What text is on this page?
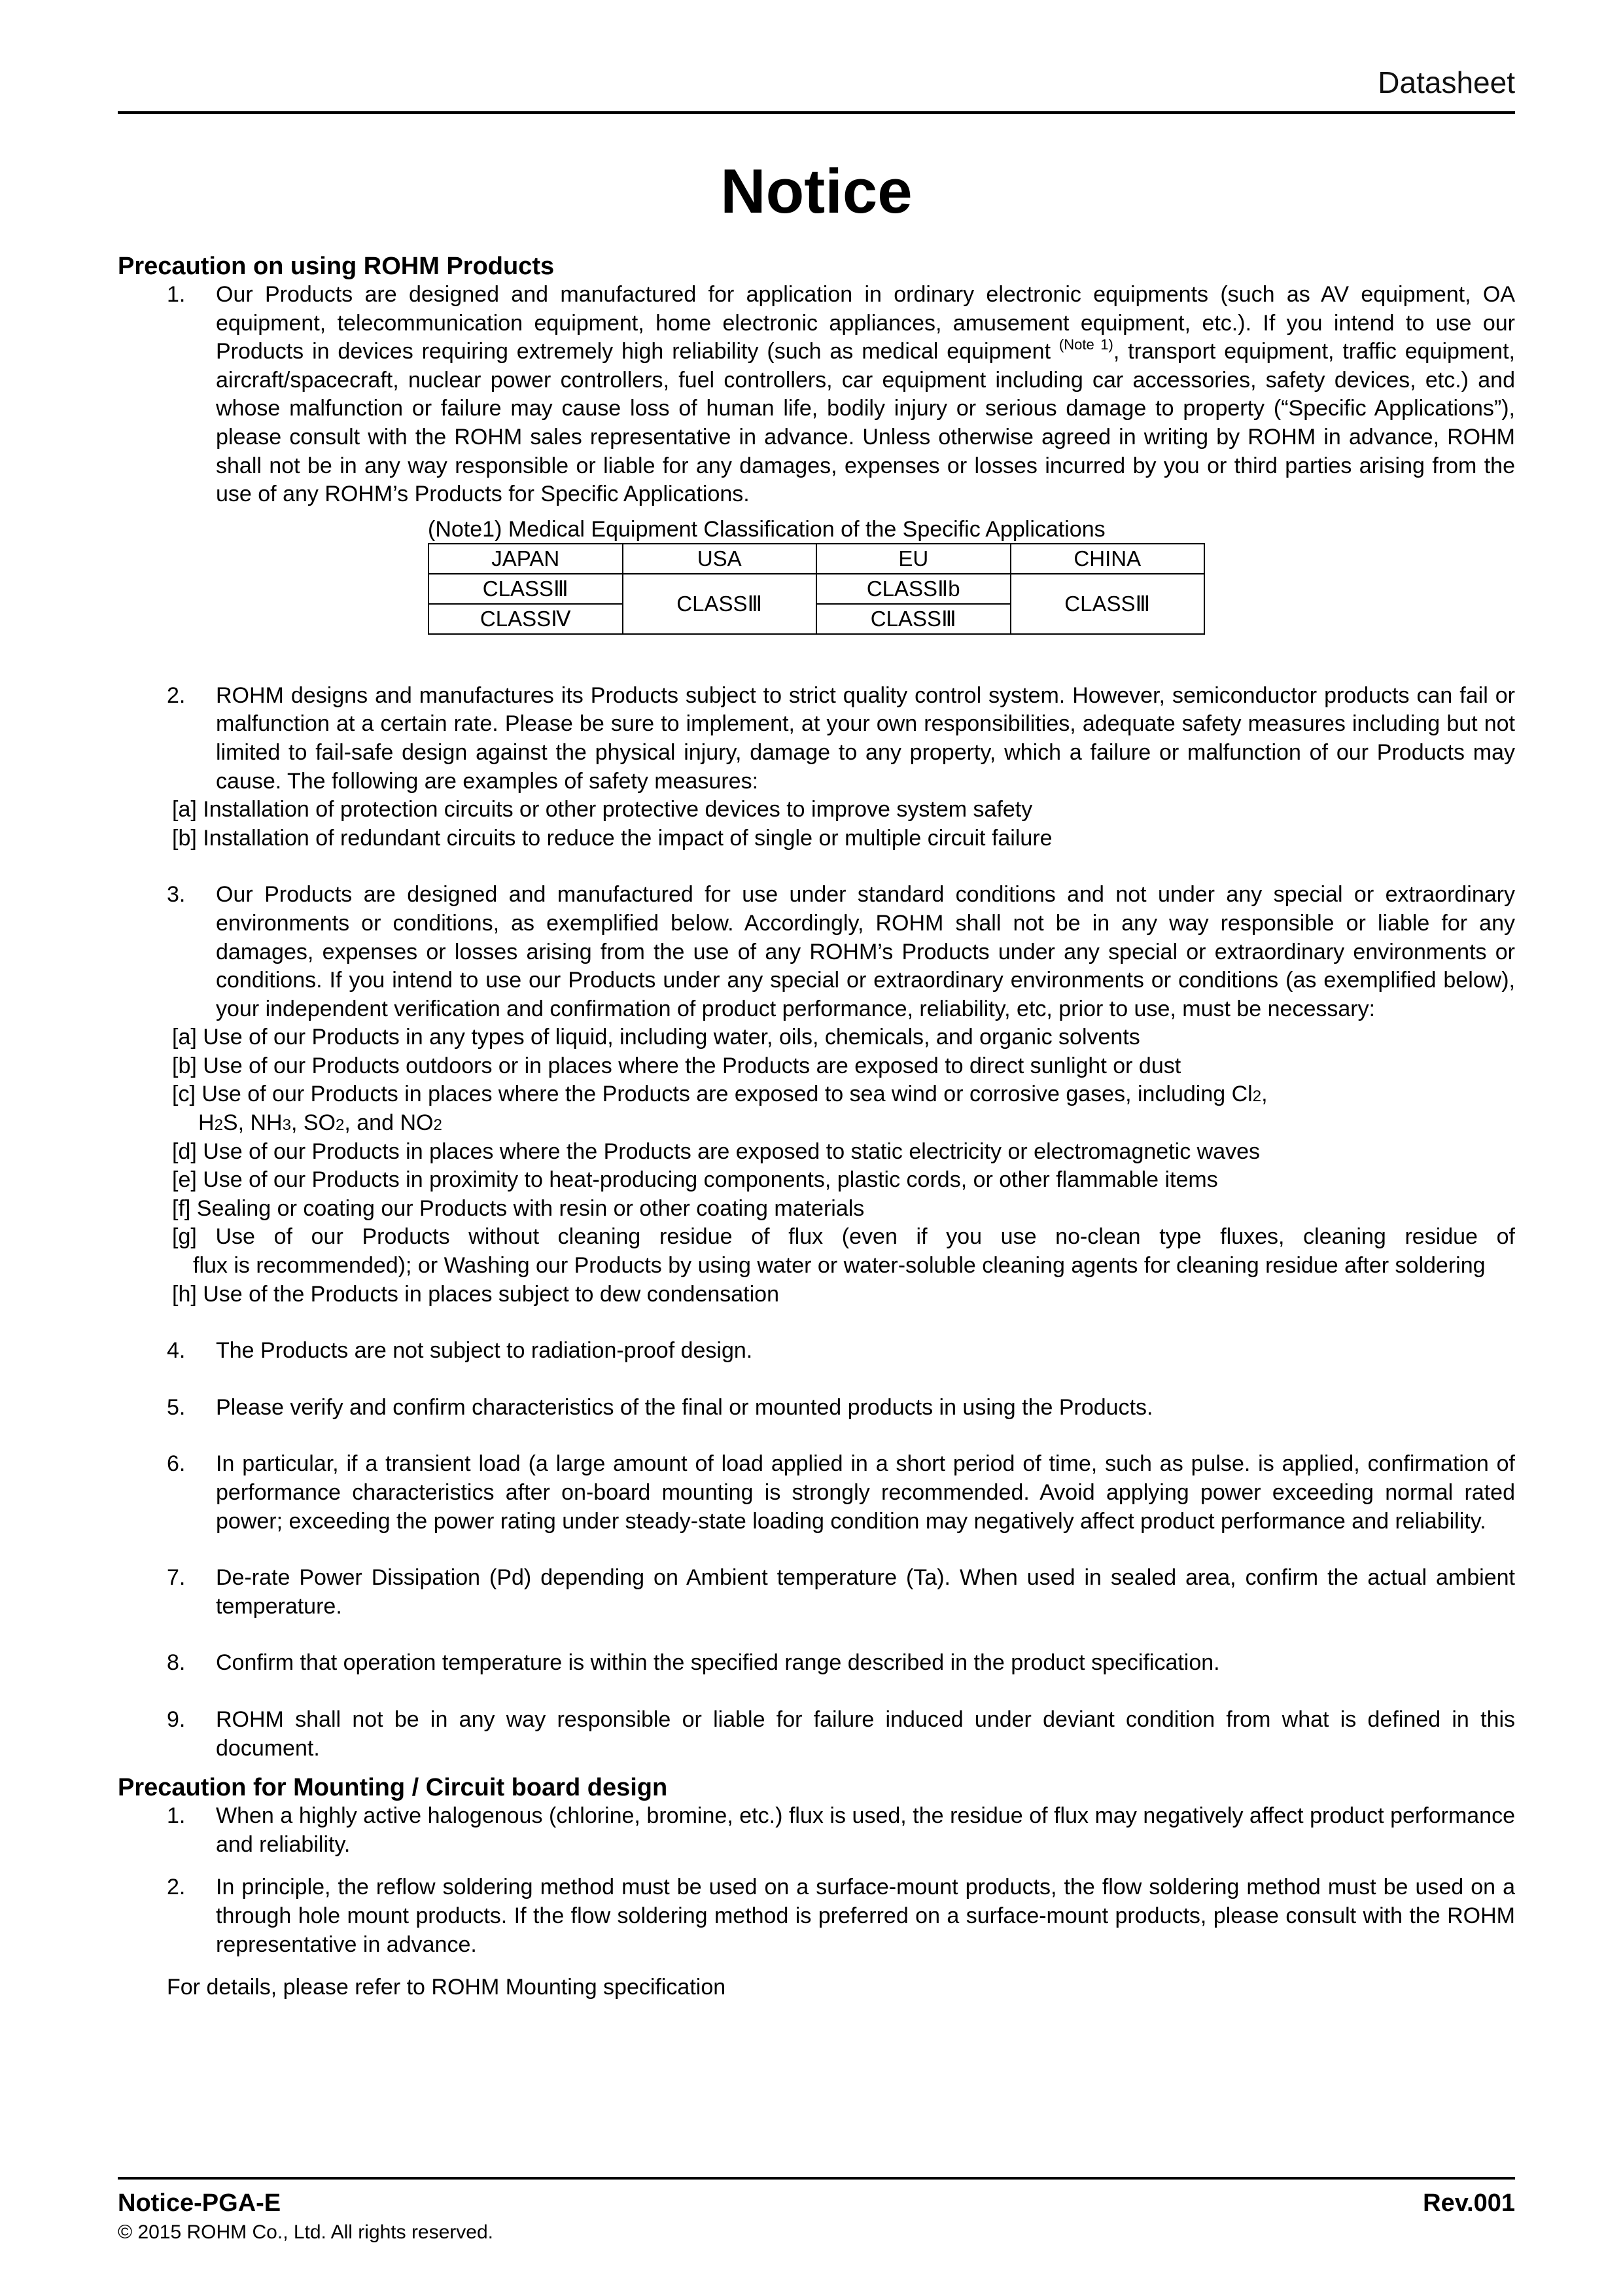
Datasheet
Notice

Precaution on using ROHM Products

1.	Our Products are designed and manufactured for application in ordinary electronic equipments (such as AV equipment, OA equipment, telecommunication equipment, home electronic appliances, amusement equipment, etc.). If you intend to use our Products in devices requiring extremely high reliability (such as medical equipment $^{(Note 1)}$, transport equipment, traffic equipment, aircraft/spacecraft, nuclear power controllers, fuel controllers, car equipment including car accessories, safety devices, etc.) and whose malfunction or failure may cause loss of human life, bodily injury or serious damage to property (“Specific Applications”), please consult with the ROHM sales representative in advance. Unless otherwise agreed in writing by ROHM in advance, ROHM shall not be in any way responsible or liable for any damages, expenses or losses incurred by you or third parties arising from the use of any ROHM’s Products for Specific Applications.
(Note1) Medical Equipment Classification of the Specific Applications
JAPAN	USA	EU	CHINA
CLASSⅢ	CLASSⅢ	CLASSⅡb	CLASSⅢ
CLASSⅣ		CLASSⅢ	
2.	ROHM designs and manufactures its Products subject to strict quality control system. However, semiconductor products can fail or malfunction at a certain rate. Please be sure to implement, at your own responsibilities, adequate safety measures including but not limited to fail-safe design against the physical injury, damage to any property, which a failure or malfunction of our Products may cause. The following are examples of safety measures:
[a] Installation of protection circuits or other protective devices to improve system safety
[b] Installation of redundant circuits to reduce the impact of single or multiple circuit failure
3.	Our Products are designed and manufactured for use under standard conditions and not under any special or extraordinary environments or conditions, as exemplified below. Accordingly, ROHM shall not be in any way responsible or liable for any damages, expenses or losses arising from the use of any ROHM’s Products under any special or extraordinary environments or conditions. If you intend to use our Products under any special or extraordinary environments or conditions (as exemplified below), your independent verification and confirmation of product performance, reliability, etc, prior to use, must be necessary:
[a] Use of our Products in any types of liquid, including water, oils, chemicals, and organic solvents
[b] Use of our Products outdoors or in places where the Products are exposed to direct sunlight or dust
[c] Use of our Products in places where the Products are exposed to sea wind or corrosive gases, including Cl2,
H2S, NH3, SO2, and NO2
[d] Use of our Products in places where the Products are exposed to static electricity or electromagnetic waves
[e] Use of our Products in proximity to heat-producing components, plastic cords, or other flammable items
[f] Sealing or coating our Products with resin or other coating materials
[g] Use of our Products without cleaning residue of flux (even if you use no-clean type fluxes, cleaning residue of
flux is recommended); or Washing our Products by using water or water-soluble cleaning agents for cleaning residue after soldering
[h] Use of the Products in places subject to dew condensation
4.	The Products are not subject to radiation-proof design.
5.	Please verify and confirm characteristics of the final or mounted products in using the Products.
6.	In particular, if a transient load (a large amount of load applied in a short period of time, such as pulse. is applied, confirmation of performance characteristics after on-board mounting is strongly recommended. Avoid applying power exceeding normal rated power; exceeding the power rating under steady-state loading condition may negatively affect product performance and reliability.
7.	De-rate Power Dissipation (Pd) depending on Ambient temperature (Ta). When used in sealed area, confirm the actual ambient temperature.
8.	Confirm that operation temperature is within the specified range described in the product specification.
9.	ROHM shall not be in any way responsible or liable for failure induced under deviant condition from what is defined in this document.

Precaution for Mounting / Circuit board design

1.	When a highly active halogenous (chlorine, bromine, etc.) flux is used, the residue of flux may negatively affect product performance and reliability.
2.	In principle, the reflow soldering method must be used on a surface-mount products, the flow soldering method must be used on a through hole mount products. If the flow soldering method is preferred on a surface-mount products, please consult with the ROHM representative in advance.
For details, please refer to ROHM Mounting specification
Notice-PGA-E	Rev.001
© 2015 ROHM Co., Ltd. All rights reserved.
